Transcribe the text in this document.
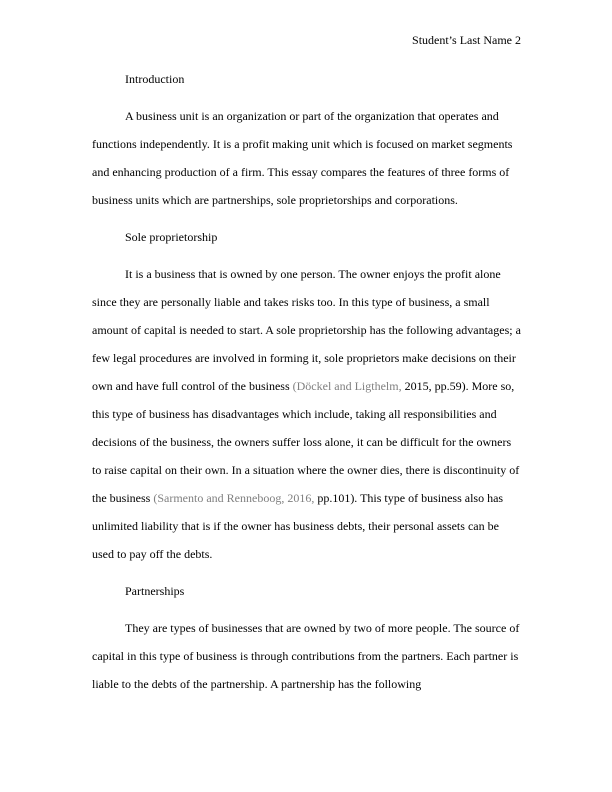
Student’s Last Name 2

Introduction

A business unit is an organization or part of the organization that operates and functions independently. It is a profit making unit which is focused on market segments and enhancing production of a firm. This essay compares the features of three forms of business units which are partnerships, sole proprietorships and corporations.

Sole proprietorship

It is a business that is owned by one person. The owner enjoys the profit alone since they are personally liable and takes risks too. In this type of business, a small amount of capital is needed to start. A sole proprietorship has the following advantages; a few legal procedures are involved in forming it, sole proprietors make decisions on their own and have full control of the business (Döckel and Ligthelm, 2015, pp.59). More so, this type of business has disadvantages which include, taking all responsibilities and decisions of the business, the owners suffer loss alone, it can be difficult for the owners to raise capital on their own. In a situation where the owner dies, there is discontinuity of the business (Sarmento and Renneboog, 2016, pp.101). This type of business also has unlimited liability that is if the owner has business debts, their personal assets can be used to pay off the debts.

Partnerships

They are types of businesses that are owned by two of more people. The source of capital in this type of business is through contributions from the partners. Each partner is liable to the debts of the partnership. A partnership has the following
